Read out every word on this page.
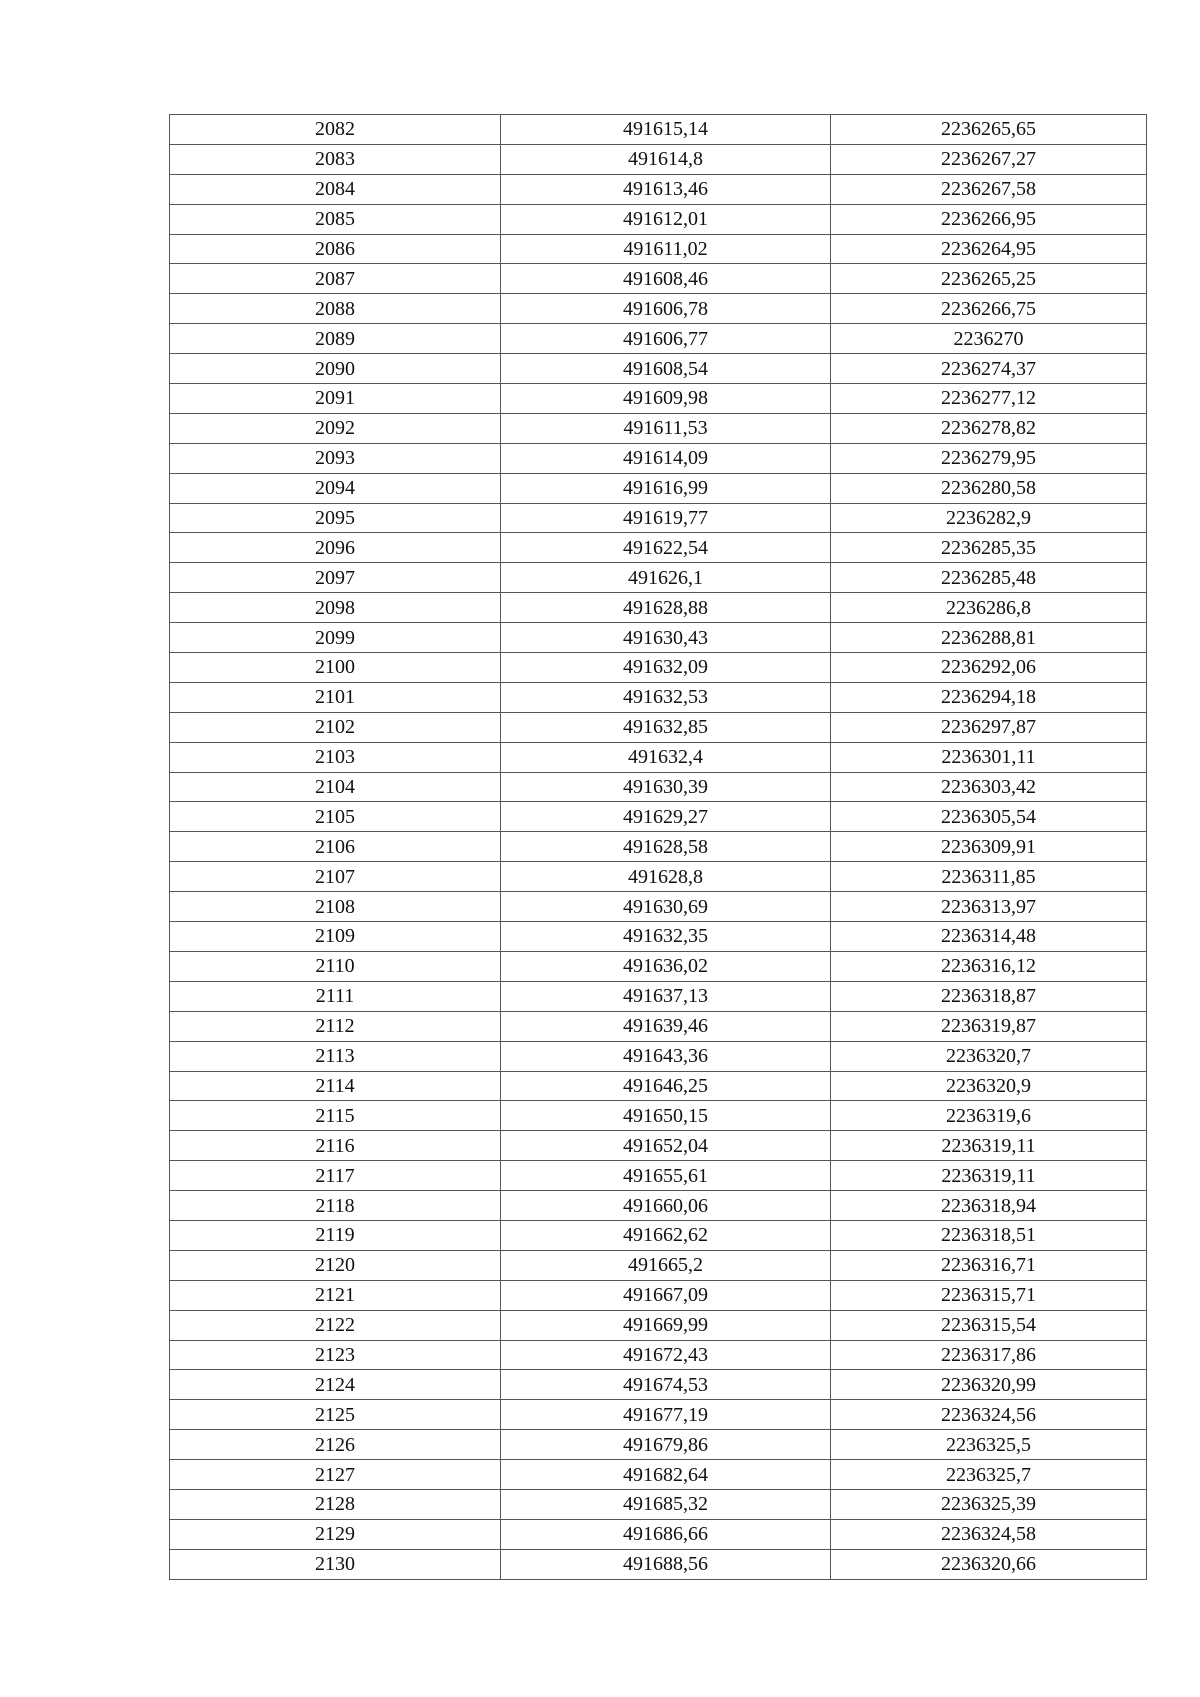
2082	491615,14	2236265,65
2083	491614,8	2236267,27
2084	491613,46	2236267,58
2085	491612,01	2236266,95
2086	491611,02	2236264,95
2087	491608,46	2236265,25
2088	491606,78	2236266,75
2089	491606,77	2236270
2090	491608,54	2236274,37
2091	491609,98	2236277,12
2092	491611,53	2236278,82
2093	491614,09	2236279,95
2094	491616,99	2236280,58
2095	491619,77	2236282,9
2096	491622,54	2236285,35
2097	491626,1	2236285,48
2098	491628,88	2236286,8
2099	491630,43	2236288,81
2100	491632,09	2236292,06
2101	491632,53	2236294,18
2102	491632,85	2236297,87
2103	491632,4	2236301,11
2104	491630,39	2236303,42
2105	491629,27	2236305,54
2106	491628,58	2236309,91
2107	491628,8	2236311,85
2108	491630,69	2236313,97
2109	491632,35	2236314,48
2110	491636,02	2236316,12
2111	491637,13	2236318,87
2112	491639,46	2236319,87
2113	491643,36	2236320,7
2114	491646,25	2236320,9
2115	491650,15	2236319,6
2116	491652,04	2236319,11
2117	491655,61	2236319,11
2118	491660,06	2236318,94
2119	491662,62	2236318,51
2120	491665,2	2236316,71
2121	491667,09	2236315,71
2122	491669,99	2236315,54
2123	491672,43	2236317,86
2124	491674,53	2236320,99
2125	491677,19	2236324,56
2126	491679,86	2236325,5
2127	491682,64	2236325,7
2128	491685,32	2236325,39
2129	491686,66	2236324,58
2130	491688,56	2236320,66
